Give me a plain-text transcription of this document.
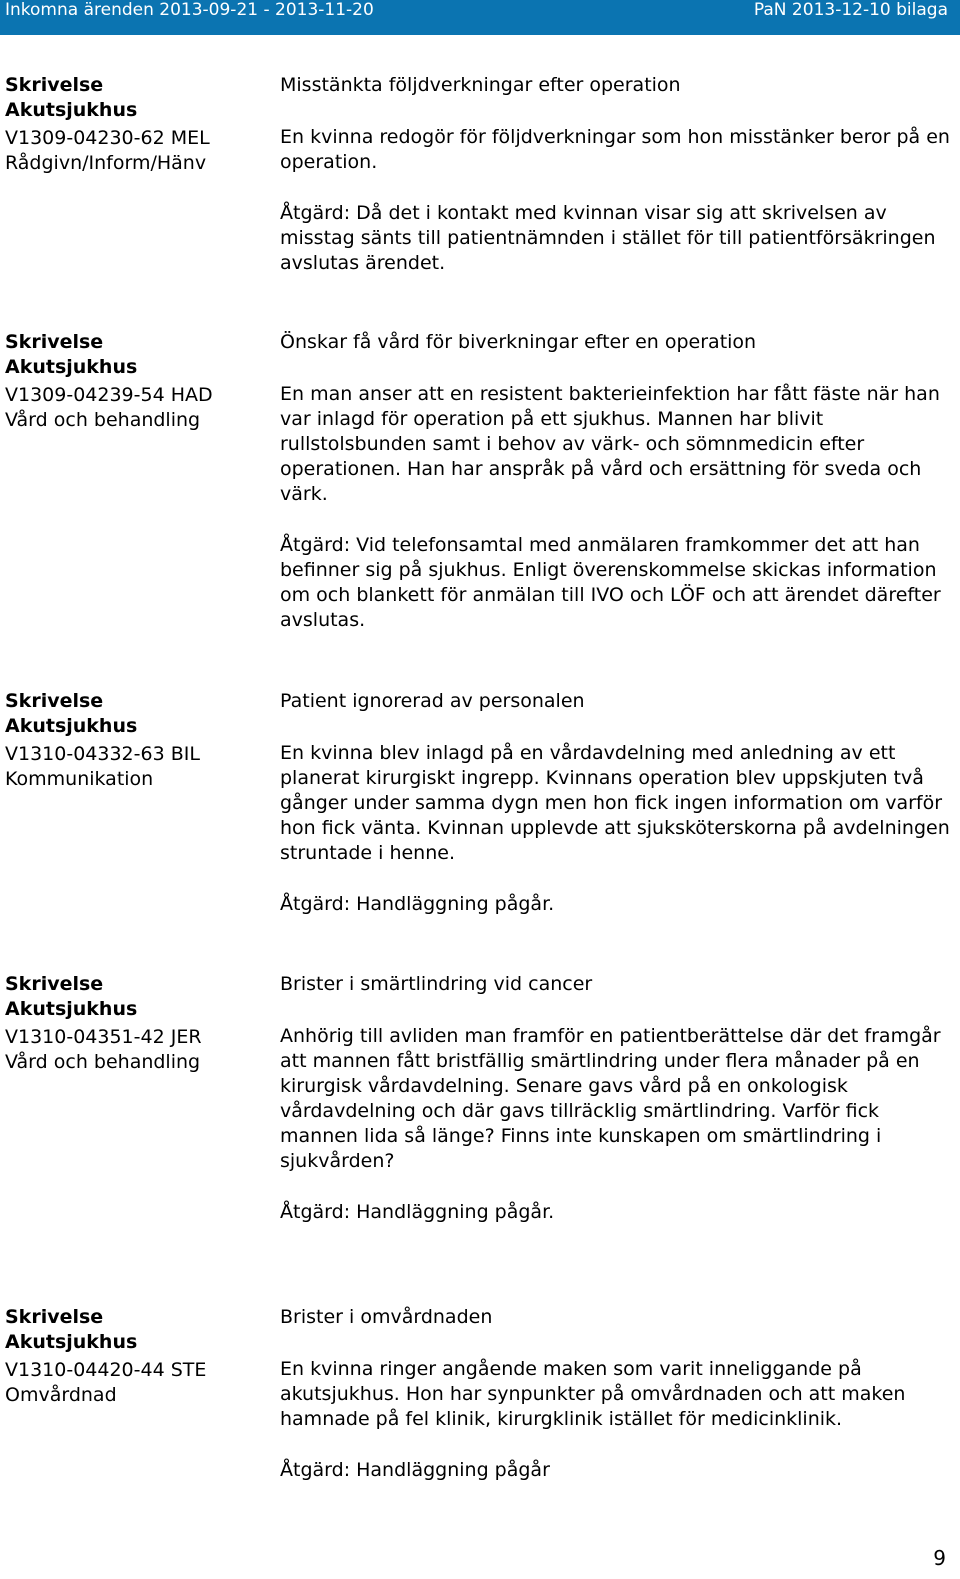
Inkomna ärenden 2013-09-21 - 2013-11-20	PaN 2013-12-10 bilaga
Skrivelse
Akutsjukhus
V1309-04230-62 MEL
Rådgivn/Inform/Hänv

Misstänkta följdverkningar efter operation

En kvinna redogör för följdverkningar som hon misstänker beror på en operation.

Åtgärd: Då det i kontakt med kvinnan visar sig att skrivelsen av misstag sänts till patientnämnden i stället för till patientförsäkringen avslutas ärendet.

Skrivelse
Akutsjukhus
V1309-04239-54 HAD
Vård och behandling

Önskar få vård för biverkningar efter en operation

En man anser att en resistent bakterieinfektion har fått fäste när han var inlagd för operation på ett sjukhus. Mannen har blivit rullstolsbunden samt i behov av värk- och sömnmedicin efter operationen. Han har anspråk på vård och ersättning för sveda och värk.

Åtgärd: Vid telefonsamtal med anmälaren framkommer det att han befinner sig på sjukhus. Enligt överenskommelse skickas information om och blankett för anmälan till IVO och LÖF och att ärendet därefter avslutas.

Skrivelse
Akutsjukhus
V1310-04332-63 BIL
Kommunikation

Patient ignorerad av personalen

En kvinna blev inlagd på en vårdavdelning med anledning av ett planerat kirurgiskt ingrepp. Kvinnans operation blev uppskjuten två gånger under samma dygn men hon fick ingen information om varför hon fick vänta. Kvinnan upplevde att sjuksköterskorna på avdelningen struntade i henne.

Åtgärd: Handläggning pågår.

Skrivelse
Akutsjukhus
V1310-04351-42 JER
Vård och behandling

Brister i smärtlindring vid cancer

Anhörig till avliden man framför en patientberättelse där det framgår att mannen fått bristfällig smärtlindring under flera månader på en kirurgisk vårdavdelning. Senare gavs vård på en onkologisk vårdavdelning och där gavs tillräcklig smärtlindring. Varför fick mannen lida så länge? Finns inte kunskapen om smärtlindring i sjukvården?

Åtgärd: Handläggning pågår.

Skrivelse
Akutsjukhus
V1310-04420-44 STE
Omvårdnad

Brister i omvårdnaden

En kvinna ringer angående maken som varit inneliggande på akutsjukhus. Hon har synpunkter på omvårdnaden och att maken hamnade på fel klinik, kirurgklinik istället för medicinklinik.

Åtgärd: Handläggning pågår

9
